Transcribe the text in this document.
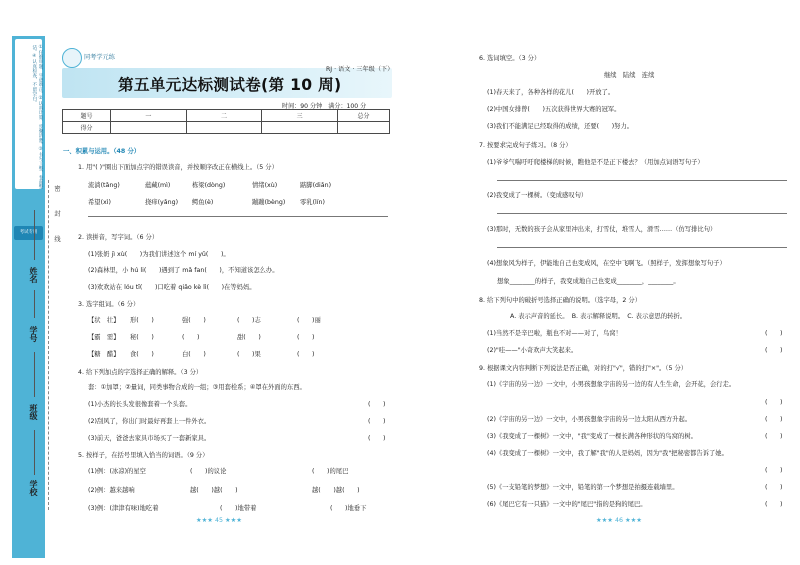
①仔细审题，字迹端正。②认真计算，步骤清楚。③书写工整，卷面整洁。④认真检查，不留空白。
考试专用	密　　　封　　　线
姓名
学号
班级
学校
同考学元练
第五单元达标测试卷(第 10 周)
RJ · 语文 · 三年级（下）
时间：90 分钟　满分：100 分
题号	一	二	三	总分
得分				
一、积累与运用。（48 分）
1. 用"( )"圈出下面加点字的错误读音，并按顺序改正在横线上。（5 分）
流淌(tǎng)	蕴藏(mì)	栋梁(dòng)	情绪(xù)	踮脚(diǎn)
希望(xì)	挠痒(yǎng) 鳄鱼(è)	蹦蹦(bèng) 零乳(lín)
2. 读拼音，写字词。（6 分）
(1)张奶 jì xù(　　)为我们讲述这个 mí yǔ(　　)。
(2)森林里，小 hú li(　　)遇到了 mǎ fan(　　)，不知道该怎么办。
(3)欢欢站在 lóu tī(　　)口吃着 qiǎo kè lì(　　)在等妈妈。
3. 选字组词。（6 分）
【状　壮】 形(　　)	强(　　)	(　　)志	(　　)丽
【霸　需】 秘(　　)	(　　)	甜(　　)	(　　)
【糖　醋】 食(　　)	白(　　)	(　　)果	(　　)
4. 给下列加点的字选择正确的解释。（3 分）
套：①加罩；②量词，同类事物合成的一组；③用套栓系；④罩在外面的东西。
(1)小杰的长头发很像套着一个头套。	(　　)
(2)刮风了，你出门时最好再套上一件外衣。	(　　)
(3)前天，爸爸去家具市场买了一套新家具。	(　　)
5. 按样子，在括号里填入恰当的词语。（9 分）
(1)例：(冰凉)的星空	(　　)的议论	(　　)的尾巴
(2)例：越来越响	越(　　)越(　　)	越(　　)越(　　)
(3)例：(津津有味)地吃着	(　　)地带着	(　　)地垂下
★★★ 45 ★★★
6. 选词填空。（3 分）
继续　陆续　连续
(1)春天来了，各种各样的花儿(　　)开放了。
(2)中国女排曾(　　)五次获得世界大赛的冠军。
(3)我们不能满足已经取得的成绩，还要(　　)努力。
7. 按要求完成句子练习。（8 分）
(1)爷爷气喘吁吁爬楼梯的时候，瞧他是不是正下楼去？（用加点词语写句子）
(2)我变成了一棵树。（变成感叹句）
(3)那时，无数的孩子会从家里冲出来，打雪仗，堆雪人，滑雪……（仿写排比句）
(4)想象风为样子，伊能地自己也变成风，在空中飞啊飞。（照样子，发挥想象写句子）
想象________的样子，我变成地自己也变成________，________。
8. 给下列句中的破折号选择正确的说明。（选字母，2 分）
A. 表示声音的延长。　B. 表示解释说明。　C. 表示意思的转折。
(1)当然不是辛巴啦，瓶也不对——对了，鸟窝！	(　　)
(2)"哇——"小奇欢声大笑起来。	(　　)
9. 根据课文内容判断下列说法是否正确，对的打"√"，错的打"×"。（5 分）
(1)《宇宙的另一边》一文中，小男孩想象宇宙的另一边的有人生生命，会开花，会行走。
(　　)
(2)《宇宙的另一边》一文中，小男孩想象宇宙的另一边太阳从西方升起。	(　　)
(3)《我变成了一棵树》一文中，"我"变成了一棵长满各种形状的鸟窝的树。	(　　)
(4)《我变成了一棵树》一文中，我了解"我"的人是妈妈，因为"我"把秘密都告诉了她。
(　　)
(5)《一支铅笔的梦想》一文中，铅笔的第一个梦想是拍摄连载墙里。	(　　)
(6)《尾巴它有一只猫》一文中的"尾巴"指的是狗的尾巴。	(　　)
★★★ 46 ★★★
